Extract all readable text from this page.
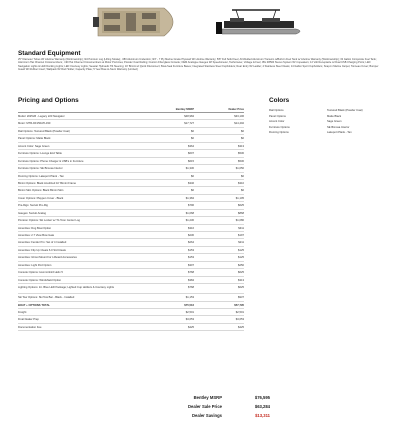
Standard Equipment
25" Diameter Tubes W/ Lifetime Warranty (Workmanship); 3rd Pontoon Log (Lifting Strake); .080 Aluminum Underskin; 3/4" - 7 Ply Marine Grade Plywood W/ Lifetime Warranty; 5/8" Full Solid Keel; All Welded Aluminum Transom w/Built-In Fuel Tank w/ Lifetime Warranty (Workmanship); 32 Gallon Composite Fuel Tank; Aluminum Hat Channel Crossmembers; .190 Hat Channel Crossmembers at Motor Pod Area; Powder Coat Railing; Custom Fiberglass Console; OEM Analogue Gauges W/ Speedometer, Tachometer, Voltage & Fuel; JBL R3500 Stereo System W/ 4 speakers; 12 Volt Receptacle w/ Dual USB Charging Ports; LED Navigation Lights & LED Docking Lights; LED Courtesy Lights; Seastar Hydraulic Tilt Steering; 10' Bimini w/ Quick Disconnect; Boat-Seal Furniture Bases; Integrated Stainless Steel Cupholders; Rear Entry W/ Ladder; 4 Stainless Steel Cleats; 14 Gallon Sport Cupholders; Snap-In Marine Carpet; Tonneau Cover; Bumper Guard W/ Rubber Insert; Wallpack W/ Rod Holder; Capacity Plate; 5 Year Bow-to-Stern Warranty (Limited)
Pricing and Options	Colors
Bentley MSRP	Dealer Price
Model: 2025LB - Legacy 223 Navigator	$48,984	$33,106
Motor: MTR-DF150ATL330	$17,727	$14,402
Rail Options: Textured Black (Powder Coat)	$0	$0
Panel Options: Matte Black	$0	$0
Accent Color: Sage Green	$364	$313
Furniture Options: Lounge End Table	$607	$530
Furniture Options: Phone Charger & USB's in Furniture	$615	$530
Furniture Options: SE Bimosa Interior	$1,330	$1,050
Flooring Options: Lakeport Plank - Tan	$0	$0
Bimini Options: Black Anodized 10' Bimini Frame	$346	$310
Bimini Skin Options: Black Bimini Skin	$0	$0
Cover Options: Playpen Cover - Black	$1,384	$1,105
Pre-Rigs: Suzuki Pre-Rig	$796	$625
Gauges: Suzuki Analog	$1,068	$868
Pontoon Options: Ski Locker w/ Tri-Toon Center Log	$1,230	$1,080
Amenities: Dog Boat Option	$316	$311
Amenities: 2.7 View Bow Gate	$230	$197
Amenities: Fender Pro: Set of 4 Installed	$264	$211
Amenities: Flip Up Cleats 6.0 Std Cleats	$153	$125
Amenities: Ghost Mount For Lilboard Accessories	$153	$125
Amenities: Light Pod Option	$307	$250
Console Options: Humminbird Helix 5	$768	$625
Console Options: Windshield Option	$384	$313
Lighting Options: Int. Blue LED Package; Lighted Cup Holders & Courtesy Lights	$768	$625
Ski Tow Options: Ski Tow Bar - Black - Installed	$1,153	$937
BOAT + OPTIONS TOTAL	$75,516	$57,795
Freight	$2,501	$2,501
Final Dealer Prep	$3,653	$3,653
Documentation Fee	$425	$425
Rail Options	Textured Black (Powder Coat)
Panel Options	Matte Black
Accent Color	Sage Green
Furniture Options	SE Bimosa Interior
Flooring Options	Lakeport Plank - Tan
Bentley MSRP	$76,595
Dealer Sale Price	$63,284
Dealer Savings	$13,311
